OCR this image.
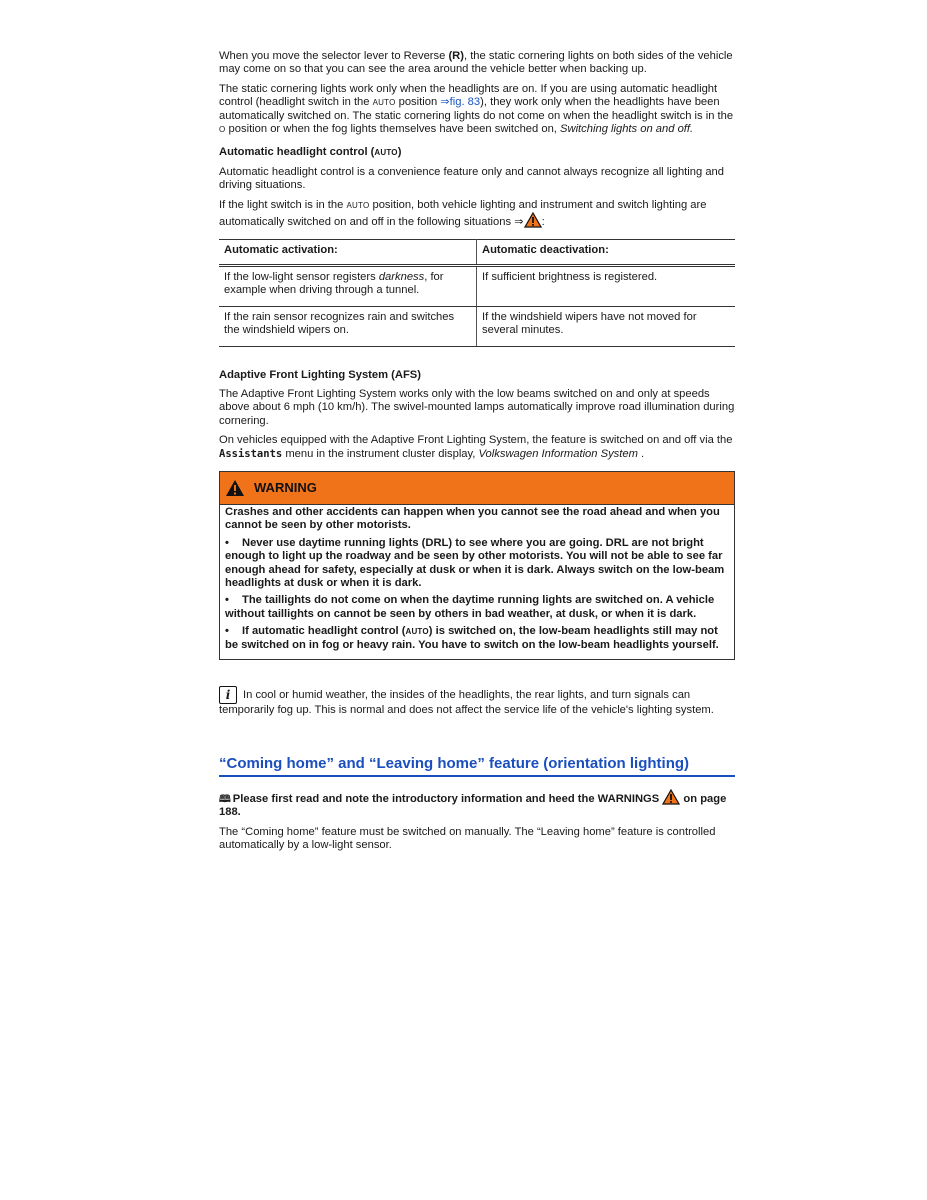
When you move the selector lever to Reverse (R), the static cornering lights on both sides of the vehicle may come on so that you can see the area around the vehicle better when backing up.

The static cornering lights work only when the headlights are on. If you are using automatic headlight control (headlight switch in the AUTO position ⇒fig. 83), they work only when the headlights have been automatically switched on. The static cornering lights do not come on when the headlight switch is in the O position or when the fog lights themselves have been switched on, Switching lights on and off.

Automatic headlight control (AUTO)

Automatic headlight control is a convenience feature only and cannot always recognize all lighting and driving situations.

If the light switch is in the AUTO position, both vehicle lighting and instrument and switch lighting are automatically switched on and off in the following situations ⇒ :

Automatic activation:	Automatic deactivation:
If the low-light sensor registers darkness, for example when driving through a tunnel.	If sufficient brightness is registered.
If the rain sensor recognizes rain and switches the windshield wipers on.	If the windshield wipers have not moved for several minutes.
Adaptive Front Lighting System (AFS)

The Adaptive Front Lighting System works only with the low beams switched on and only at speeds above about 6 mph (10 km/h). The swivel-mounted lamps automatically improve road illumination during cornering.

On vehicles equipped with the Adaptive Front Lighting System, the feature is switched on and off via the Assistants menu in the instrument cluster display, Volkswagen Information System .

WARNING

Crashes and other accidents can happen when you cannot see the road ahead and when you cannot be seen by other motorists.

• Never use daytime running lights (DRL) to see where you are going. DRL are not bright enough to light up the roadway and be seen by other motorists. You will not be able to see far enough ahead for safety, especially at dusk or when it is dark. Always switch on the low-beam headlights at dusk or when it is dark.

• The taillights do not come on when the daytime running lights are switched on. A vehicle without taillights on cannot be seen by others in bad weather, at dusk, or when it is dark.

• If automatic headlight control (AUTO) is switched on, the low-beam headlights still may not be switched on in fog or heavy rain. You have to switch on the low-beam headlights yourself.

i In cool or humid weather, the insides of the headlights, the rear lights, and turn signals can temporarily fog up. This is normal and does not affect the service life of the vehicle's lighting system.

“Coming home” and “Leaving home” feature (orientation lighting)

🕮 Please first read and note the introductory information and heed the WARNINGS  on page 188.

The “Coming home” feature must be switched on manually. The “Leaving home” feature is controlled automatically by a low-light sensor.
